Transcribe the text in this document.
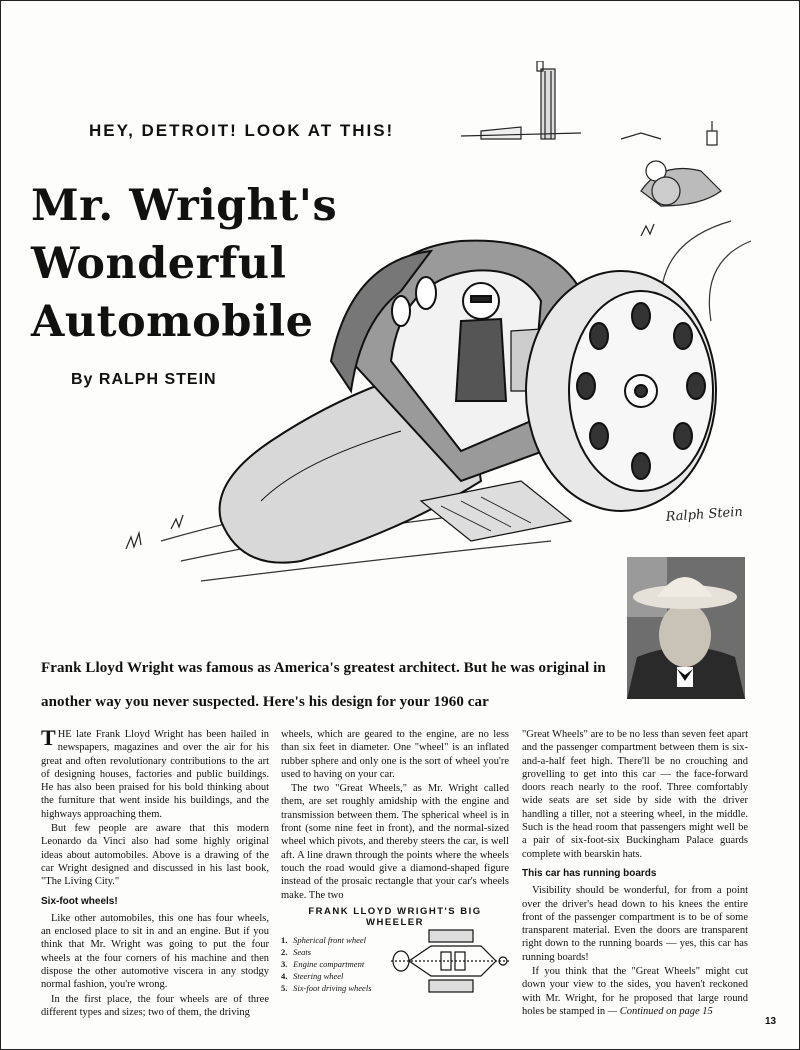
Ralph Stein

HEY, DETROIT! LOOK AT THIS!

Mr. Wright's
Wonderful
Automobile

By RALPH STEIN

Frank Lloyd Wright was famous as America's greatest architect. But he was original in another way you never suspected. Here's his design for your 1960 car

THE late Frank Lloyd Wright has been hailed in newspapers, magazines and over the air for his great and often revolutionary contributions to the art of designing houses, factories and public buildings. He has also been praised for his bold thinking about the furniture that went inside his buildings, and the highways approaching them.

But few people are aware that this modern Leonardo da Vinci also had some highly original ideas about automobiles. Above is a drawing of the car Wright designed and discussed in his last book, "The Living City."

Six-foot wheels!

Like other automobiles, this one has four wheels, an enclosed place to sit in and an engine. But if you think that Mr. Wright was going to put the four wheels at the four corners of his machine and then dispose the other automotive viscera in any stodgy normal fashion, you're wrong.

In the first place, the four wheels are of three different types and sizes; two of them, the driving

wheels, which are geared to the engine, are no less than six feet in diameter. One "wheel" is an inflated rubber sphere and only one is the sort of wheel you're used to having on your car.

The two "Great Wheels," as Mr. Wright called them, are set roughly amidship with the engine and transmission between them. The spherical wheel is in front (some nine feet in front), and the normal-sized wheel which pivots, and thereby steers the car, is well aft. A line drawn through the points where the wheels touch the road would give a diamond-shaped figure instead of the prosaic rectangle that your car's wheels make. The two

FRANK LLOYD WRIGHT'S BIG WHEELER
1. Spherical front wheel
2. Seats
3. Engine compartment
4. Steering wheel
5. Six-foot driving wheels

"Great Wheels" are to be no less than seven feet apart and the passenger compartment between them is six-and-a-half feet high. There'll be no crouching and grovelling to get into this car — the face-forward doors reach nearly to the roof. Three comfortably wide seats are set side by side with the driver handling a tiller, not a steering wheel, in the middle. Such is the head room that passengers might well be a pair of six-foot-six Buckingham Palace guards complete with bearskin hats.

This car has running boards

Visibility should be wonderful, for from a point over the driver's head down to his knees the entire front of the passenger compartment is to be of some transparent material. Even the doors are transparent right down to the running boards — yes, this car has running boards!

If you think that the "Great Wheels" might cut down your view to the sides, you haven't reckoned with Mr. Wright, for he proposed that large round holes be stamped in — Continued on page 15

13
